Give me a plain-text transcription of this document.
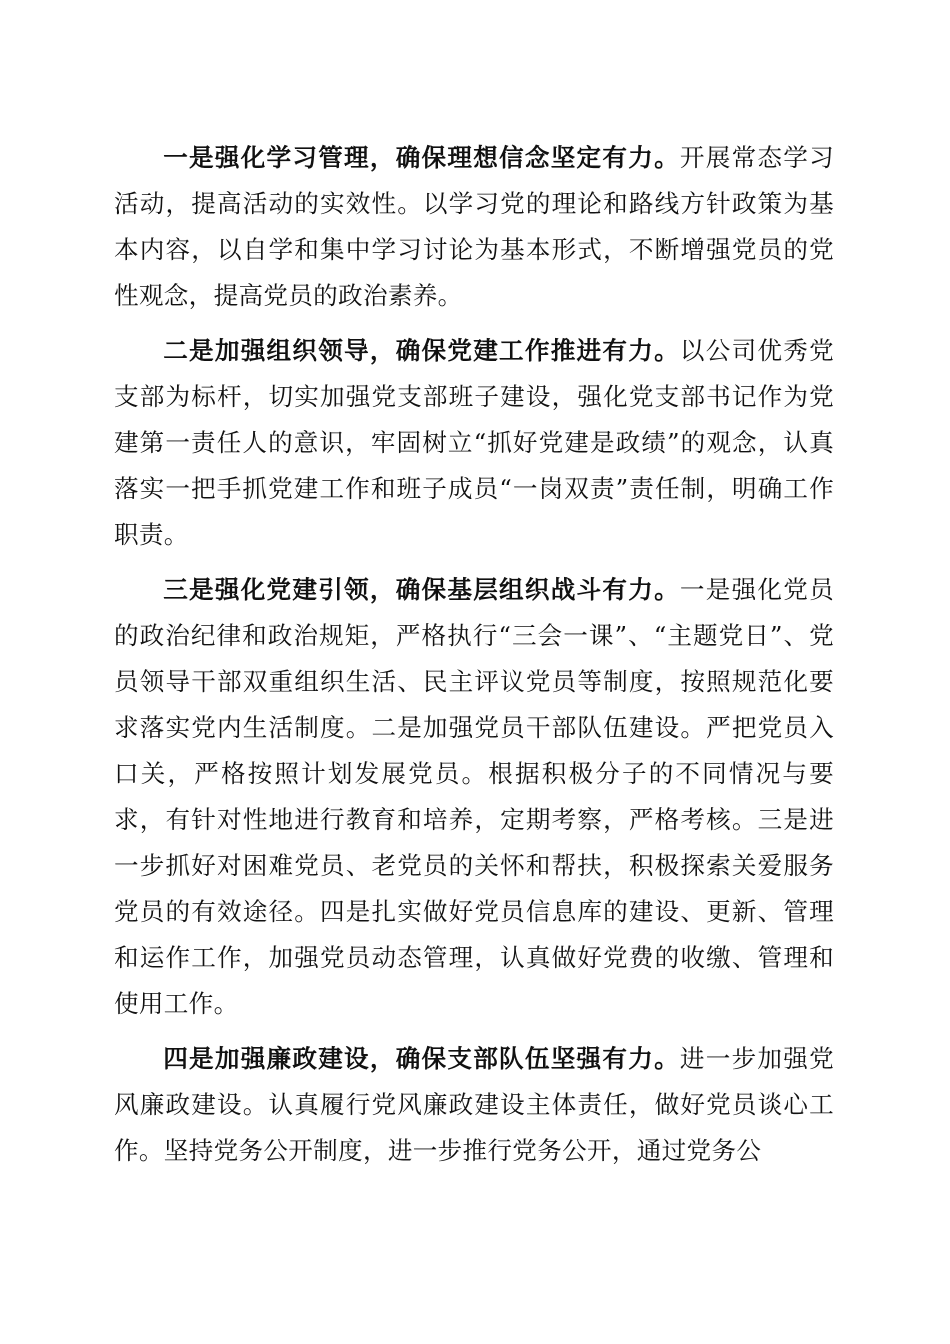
一是强化学习管理，确保理想信念坚定有力。开展常态学习活动，提高活动的实效性。以学习党的理论和路线方针政策为基本内容，以自学和集中学习讨论为基本形式，不断增强党员的党性观念，提高党员的政治素养。

二是加强组织领导，确保党建工作推进有力。以公司优秀党支部为标杆，切实加强党支部班子建设，强化党支部书记作为党建第一责任人的意识，牢固树立“抓好党建是政绩”的观念，认真落实一把手抓党建工作和班子成员“一岗双责”责任制，明确工作职责。

三是强化党建引领，确保基层组织战斗有力。一是强化党员的政治纪律和政治规矩，严格执行“三会一课”、“主题党日”、党员领导干部双重组织生活、民主评议党员等制度，按照规范化要求落实党内生活制度。二是加强党员干部队伍建设。严把党员入口关，严格按照计划发展党员。根据积极分子的不同情况与要求，有针对性地进行教育和培养，定期考察，严格考核。三是进一步抓好对困难党员、老党员的关怀和帮扶，积极探索关爱服务党员的有效途径。四是扎实做好党员信息库的建设、更新、管理和运作工作，加强党员动态管理，认真做好党费的收缴、管理和使用工作。

四是加强廉政建设，确保支部队伍坚强有力。进一步加强党风廉政建设。认真履行党风廉政建设主体责任，做好党员谈心工作。坚持党务公开制度，进一步推行党务公开，通过党务公
